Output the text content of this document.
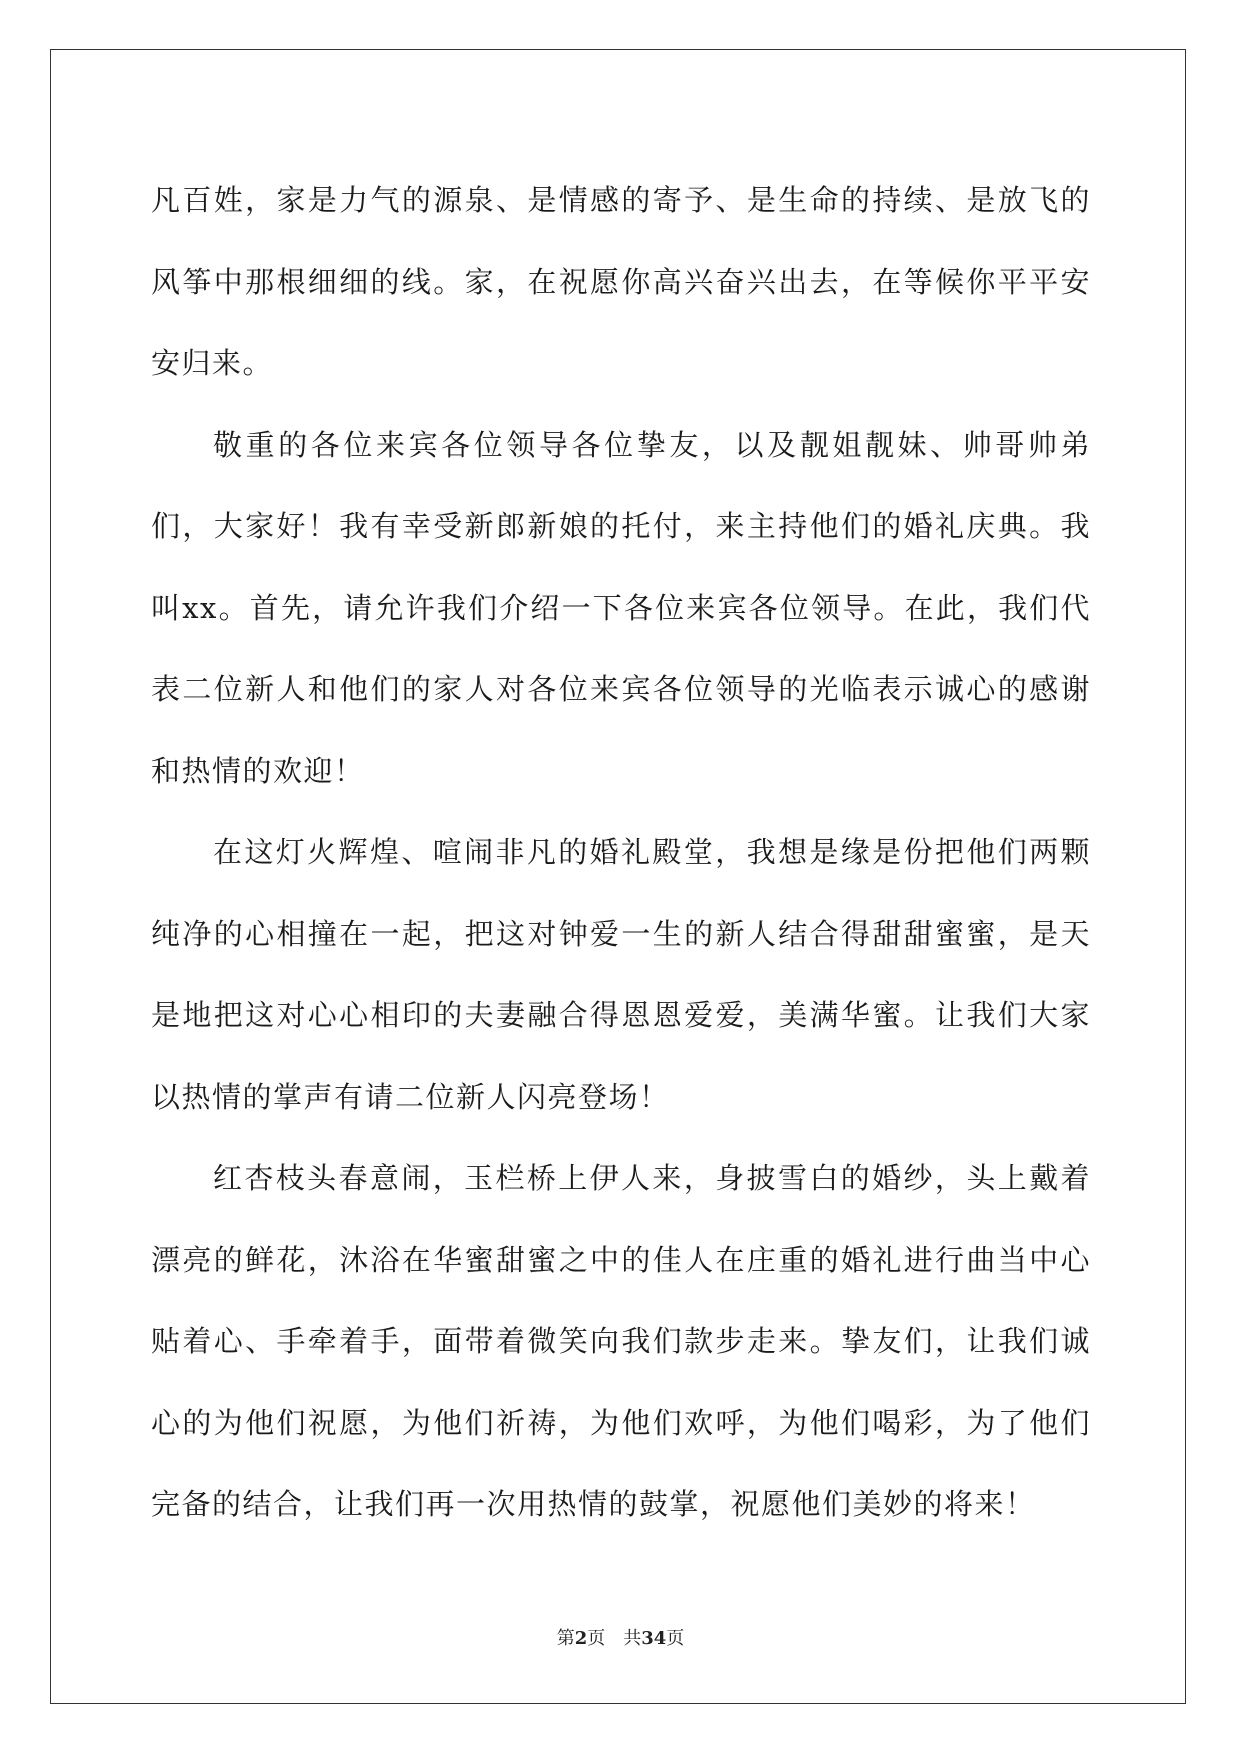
凡百姓，家是力气的源泉、是情感的寄予、是生命的持续、是放飞的风筝中那根细细的线。家，在祝愿你高兴奋兴出去，在等候你平平安安归来。

敬重的各位来宾各位领导各位挚友，以及靓姐靓妹、帅哥帅弟们，大家好！我有幸受新郎新娘的托付，来主持他们的婚礼庆典。我叫xx。首先，请允许我们介绍一下各位来宾各位领导。在此，我们代表二位新人和他们的家人对各位来宾各位领导的光临表示诚心的感谢和热情的欢迎！

在这灯火辉煌、喧闹非凡的婚礼殿堂，我想是缘是份把他们两颗纯净的心相撞在一起，把这对钟爱一生的新人结合得甜甜蜜蜜，是天是地把这对心心相印的夫妻融合得恩恩爱爱，美满华蜜。让我们大家以热情的掌声有请二位新人闪亮登场！

红杏枝头春意闹，玉栏桥上伊人来，身披雪白的婚纱，头上戴着漂亮的鲜花，沐浴在华蜜甜蜜之中的佳人在庄重的婚礼进行曲当中心贴着心、手牵着手，面带着微笑向我们款步走来。挚友们，让我们诚心的为他们祝愿，为他们祈祷，为他们欢呼，为他们喝彩，为了他们完备的结合，让我们再一次用热情的鼓掌，祝愿他们美妙的将来！

第2页 共34页
